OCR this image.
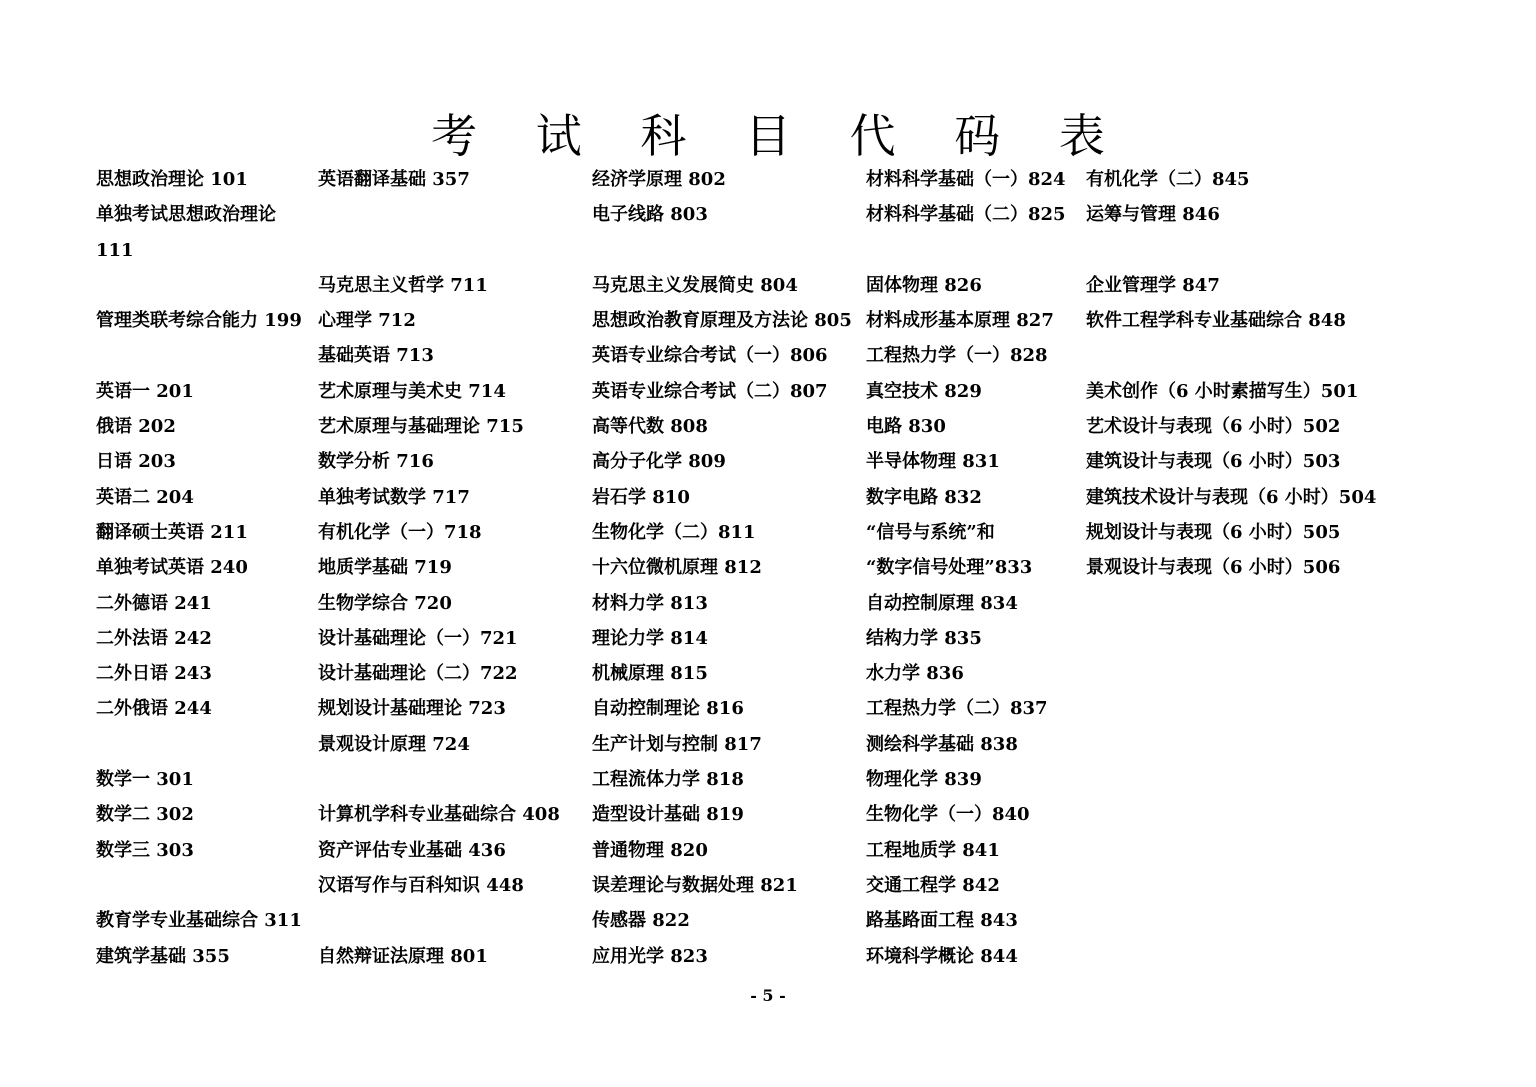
考 试 科 目 代 码 表
思想政治理论 101
单独考试思想政治理论
111
管理类联考综合能力 199
英语一 201
俄语 202
日语 203
英语二 204
翻译硕士英语 211
单独考试英语 240
二外德语 241
二外法语 242
二外日语 243
二外俄语 244
数学一 301
数学二 302
数学三 303
教育学专业基础综合 311
建筑学基础 355
英语翻译基础 357
马克思主义哲学 711
心理学 712
基础英语 713
艺术原理与美术史 714
艺术原理与基础理论 715
数学分析 716
单独考试数学 717
有机化学（一）718
地质学基础 719
生物学综合 720
设计基础理论（一）721
设计基础理论（二）722
规划设计基础理论 723
景观设计原理 724
计算机学科专业基础综合 408
资产评估专业基础 436
汉语写作与百科知识 448
自然辩证法原理 801
经济学原理 802
电子线路 803
马克思主义发展简史 804
思想政治教育原理及方法论 805
英语专业综合考试（一）806
英语专业综合考试（二）807
高等代数 808
高分子化学 809
岩石学 810
生物化学（二）811
十六位微机原理 812
材料力学 813
理论力学 814
机械原理 815
自动控制理论 816
生产计划与控制 817
工程流体力学 818
造型设计基础 819
普通物理 820
误差理论与数据处理 821
传感器 822
应用光学 823
材料科学基础（一）824
材料科学基础（二）825
固体物理 826
材料成形基本原理 827
工程热力学（一）828
真空技术 829
电路 830
半导体物理 831
数字电路 832
“信号与系统”和
“数字信号处理”833
自动控制原理 834
结构力学 835
水力学 836
工程热力学（二）837
测绘科学基础 838
物理化学 839
生物化学（一）840
工程地质学 841
交通工程学 842
路基路面工程 843
环境科学概论 844
有机化学（二）845
运筹与管理 846
企业管理学 847
软件工程学科专业基础综合 848
美术创作（6 小时素描写生）501
艺术设计与表现（6 小时）502
建筑设计与表现（6 小时）503
建筑技术设计与表现（6 小时）504
规划设计与表现（6 小时）505
景观设计与表现（6 小时）506
- 5 -
